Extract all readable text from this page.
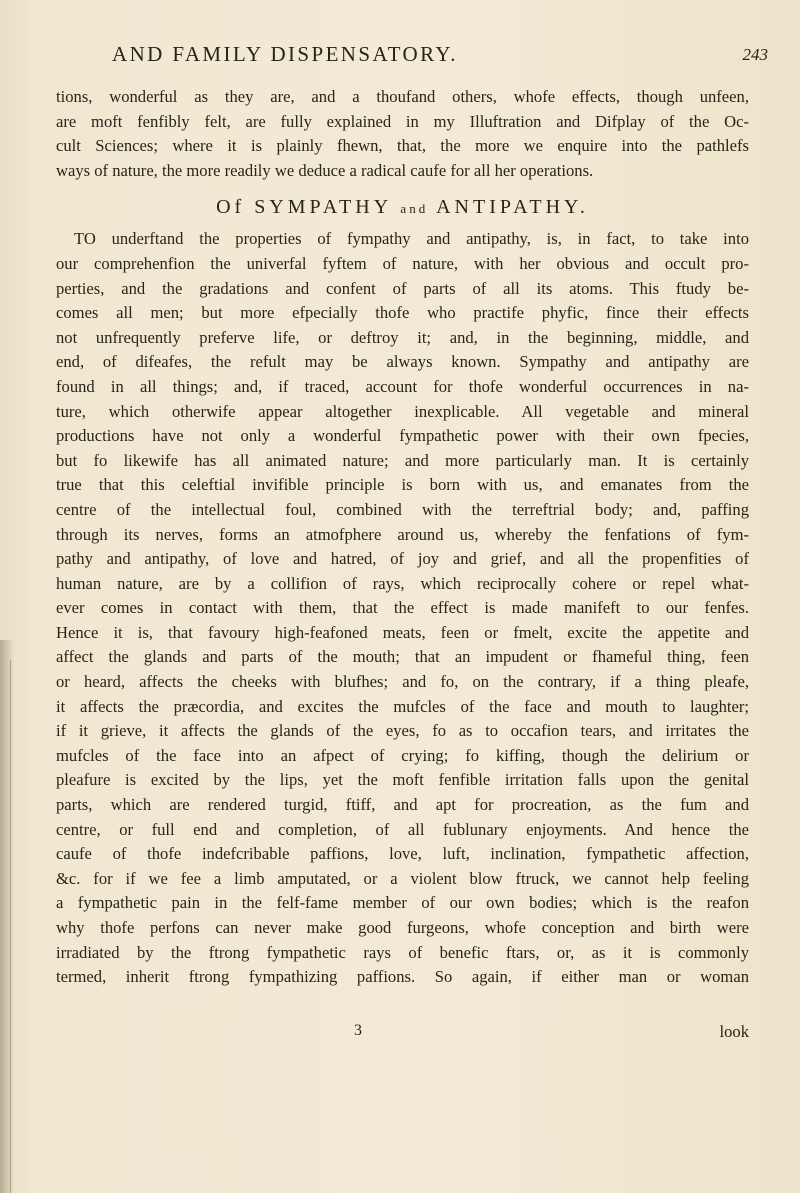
AND FAMILY DISPENSATORY.	243
tions, wonderful as they are, and a thoufand others, whofe effects, though unfeen,
are moft fenfibly felt, are fully explained in my Illuftration and Difplay of the Oc-
cult Sciences; where it is plainly fhewn, that, the more we enquire into the pathlefs
ways of nature, the more readily we deduce a radical caufe for all her operations.
Of SYMPATHY and ANTIPATHY.
TO underftand the properties of fympathy and antipathy, is, in fact, to take into
our comprehenfion the univerfal fyftem of nature, with her obvious and occult pro-
perties, and the gradations and confent of parts of all its atoms. This ftudy be-
comes all men; but more efpecially thofe who practife phyfic, fince their effects
not unfrequently preferve life, or deftroy it; and, in the beginning, middle, and
end, of difeafes, the refult may be always known. Sympathy and antipathy are
found in all things; and, if traced, account for thofe wonderful occurrences in na-
ture, which otherwife appear altogether inexplicable. All vegetable and mineral
productions have not only a wonderful fympathetic power with their own fpecies,
but fo likewife has all animated nature; and more particularly man. It is certainly
true that this celeftial invifible principle is born with us, and emanates from the
centre of the intellectual foul, combined with the terreftrial body; and, paffing
through its nerves, forms an atmofphere around us, whereby the fenfations of fym-
pathy and antipathy, of love and hatred, of joy and grief, and all the propenfities of
human nature, are by a collifion of rays, which reciprocally cohere or repel what-
ever comes in contact with them, that the effect is made manifeft to our fenfes.
Hence it is, that favoury high-feafoned meats, feen or fmelt, excite the appetite and
affect the glands and parts of the mouth; that an impudent or fhameful thing, feen
or heard, affects the cheeks with blufhes; and fo, on the contrary, if a thing pleafe,
it affects the præcordia, and excites the mufcles of the face and mouth to laughter;
if it grieve, it affects the glands of the eyes, fo as to occafion tears, and irritates the
mufcles of the face into an afpect of crying; fo kiffing, though the delirium or
pleafure is excited by the lips, yet the moft fenfible irritation falls upon the genital
parts, which are rendered turgid, ftiff, and apt for procreation, as the fum and
centre, or full end and completion, of all fublunary enjoyments. And hence the
caufe of thofe indefcribable paffions, love, luft, inclination, fympathetic affection,
&c. for if we fee a limb amputated, or a violent blow ftruck, we cannot help feeling
a fympathetic pain in the felf-fame member of our own bodies; which is the reafon
why thofe perfons can never make good furgeons, whofe conception and birth were
irradiated by the ftrong fympathetic rays of benefic ftars, or, as it is commonly
termed, inherit ftrong fympathizing paffions. So again, if either man or woman
3	look
